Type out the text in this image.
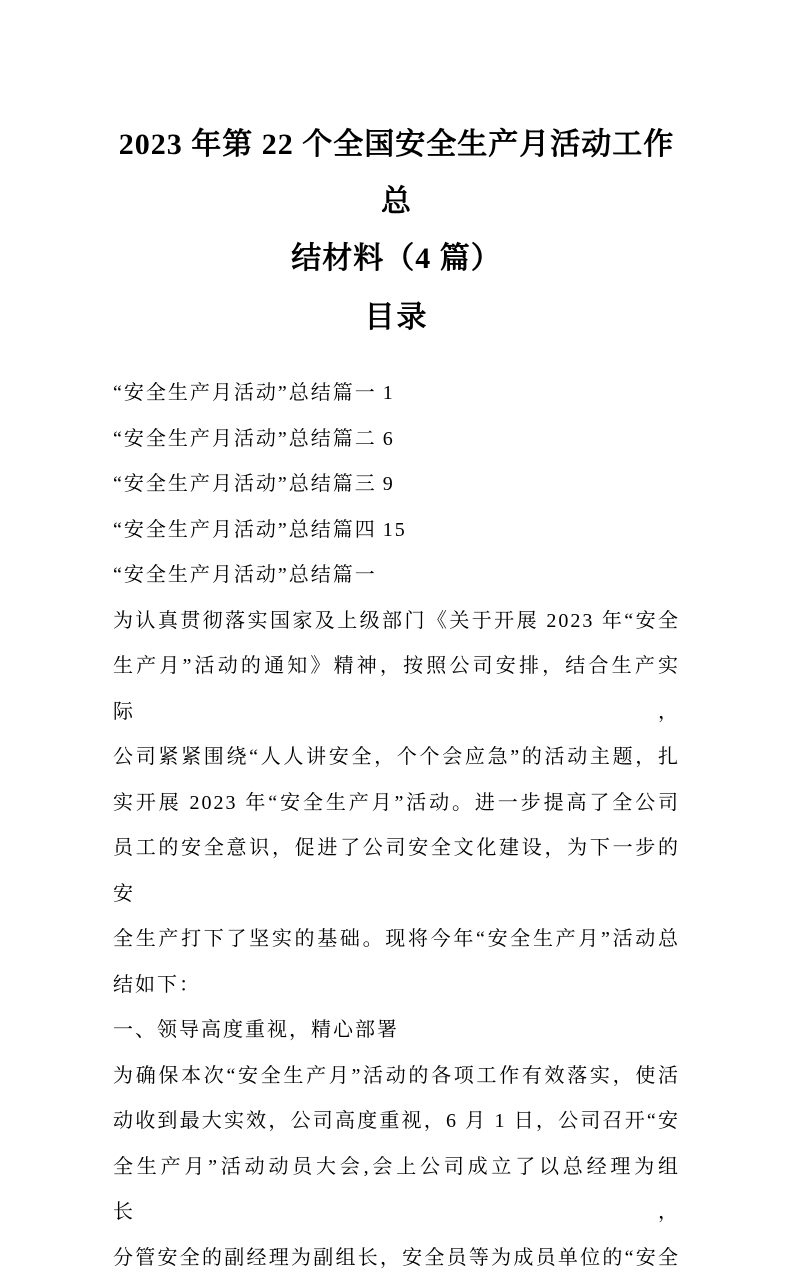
2023 年第 22 个全国安全生产月活动工作总
结材料（4 篇）
目录
“安全生产月活动”总结篇一 1
“安全生产月活动”总结篇二 6
“安全生产月活动”总结篇三 9
“安全生产月活动”总结篇四 15
“安全生产月活动”总结篇一
为认真贯彻落实国家及上级部门《关于开展 2023 年“安全
生产月”活动的通知》精神，按照公司安排，结合生产实际，
公司紧紧围绕“人人讲安全，个个会应急”的活动主题，扎
实开展 2023 年“安全生产月”活动。进一步提高了全公司
员工的安全意识，促进了公司安全文化建设，为下一步的安
全生产打下了坚实的基础。现将今年“安全生产月”活动总
结如下：
一、领导高度重视，精心部署
为确保本次“安全生产月”活动的各项工作有效落实，使活
动收到最大实效，公司高度重视，6 月 1 日，公司召开“安
全生产月”活动动员大会,会上公司成立了以总经理为组长，
分管安全的副经理为副组长，安全员等为成员单位的“安全
